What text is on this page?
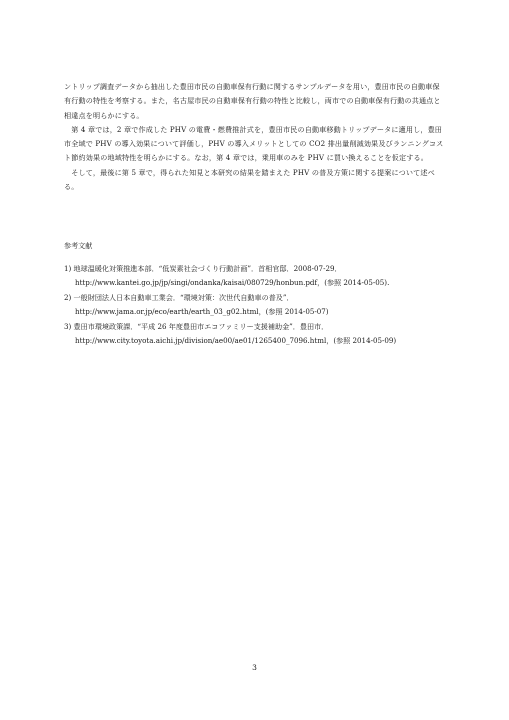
ントリップ調査データから抽出した豊田市民の自動車保有行動に関するサンプルデータを用い，豊田市民の自動車保有行動の特性を考察する。また，名古屋市民の自動車保有行動の特性と比較し，両市での自動車保有行動の共通点と相違点を明らかにする。

　第 4 章では，2 章で作成した PHV の電費・燃費推計式を，豊田市民の自動車移動トリップデータに適用し，豊田市全域で PHV の導入効果について評価し，PHV の導入メリットとしての CO2 排出量削減効果及びランニングコスト節約効果の地域特性を明らかにする。なお，第 4 章では，乗用車のみを PHV に買い換えることを仮定する。

　そして，最後に第 5 章で，得られた知見と本研究の結果を踏まえた PHV の普及方策に関する提案について述べる。

参考文献

1) 地球温暖化対策推進本部．“低炭素社会づくり行動計画”．首相官邸．2008-07-29．
http://www.kantei.go.jp/jp/singi/ondanka/kaisai/080729/honbun.pdf，(参照 2014-05-05).
2) 一般財団法人日本自動車工業会．“環境対策：次世代自動車の普及”．
http://www.jama.or.jp/eco/earth/earth_03_g02.html，(参照 2014-05-07)
3) 豊田市環境政策課．“平成 26 年度豊田市エコファミリー支援補助金”．豊田市．
http://www.city.toyota.aichi.jp/division/ae00/ae01/1265400_7096.html，(参照 2014-05-09)
3
